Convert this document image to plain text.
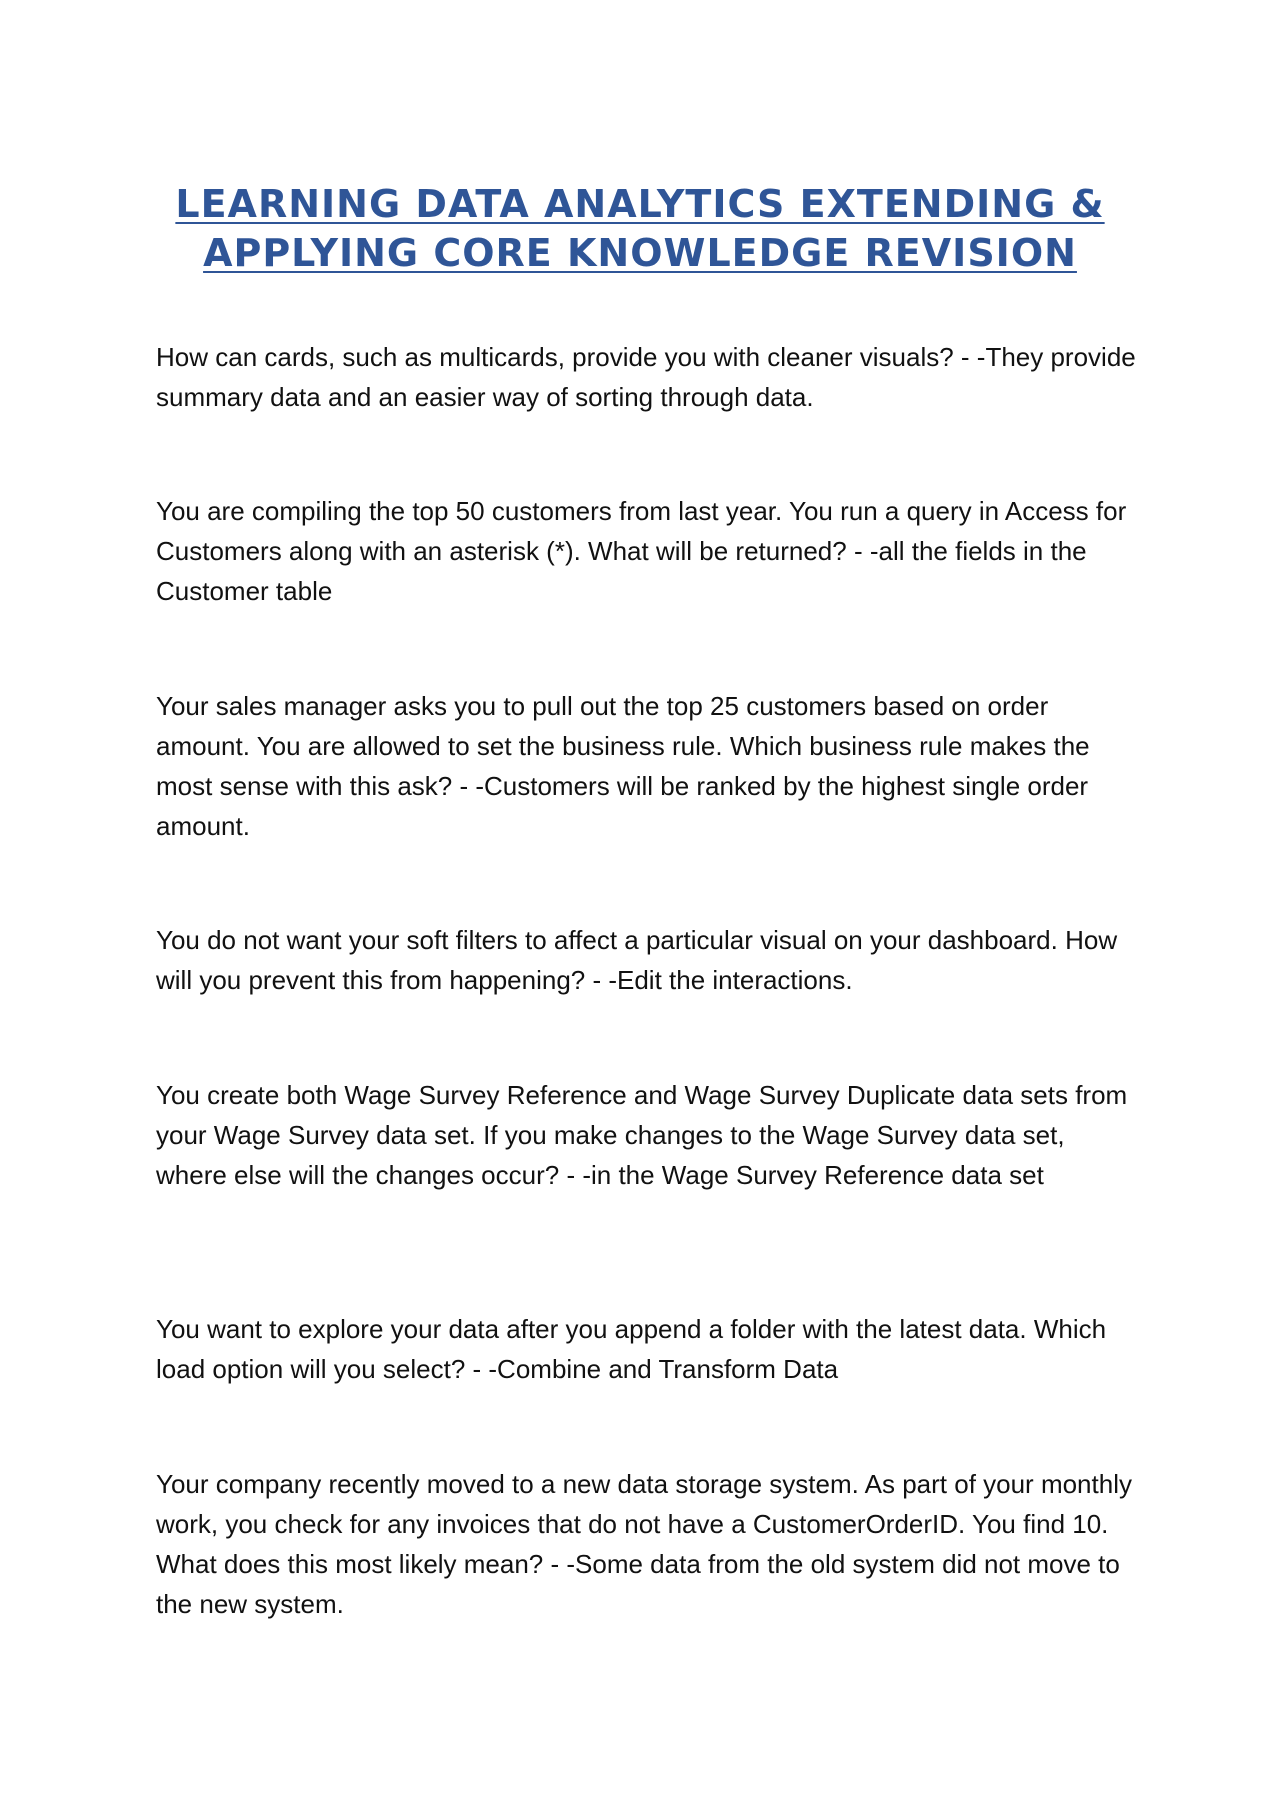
LEARNING DATA ANALYTICS EXTENDING & APPLYING CORE KNOWLEDGE REVISION

How can cards, such as multicards, provide you with cleaner visuals? - -They provide summary data and an easier way of sorting through data.

You are compiling the top 50 customers from last year. You run a query in Access for Customers along with an asterisk (*). What will be returned? - -all the fields in the Customer table

Your sales manager asks you to pull out the top 25 customers based on order amount. You are allowed to set the business rule. Which business rule makes the most sense with this ask? - -Customers will be ranked by the highest single order amount.

You do not want your soft filters to affect a particular visual on your dashboard. How will you prevent this from happening? - -Edit the interactions.

You create both Wage Survey Reference and Wage Survey Duplicate data sets from your Wage Survey data set. If you make changes to the Wage Survey data set, where else will the changes occur? - -in the Wage Survey Reference data set

You want to explore your data after you append a folder with the latest data. Which load option will you select? - -Combine and Transform Data

Your company recently moved to a new data storage system. As part of your monthly work, you check for any invoices that do not have a CustomerOrderID. You find 10. What does this most likely mean? - -Some data from the old system did not move to the new system.
